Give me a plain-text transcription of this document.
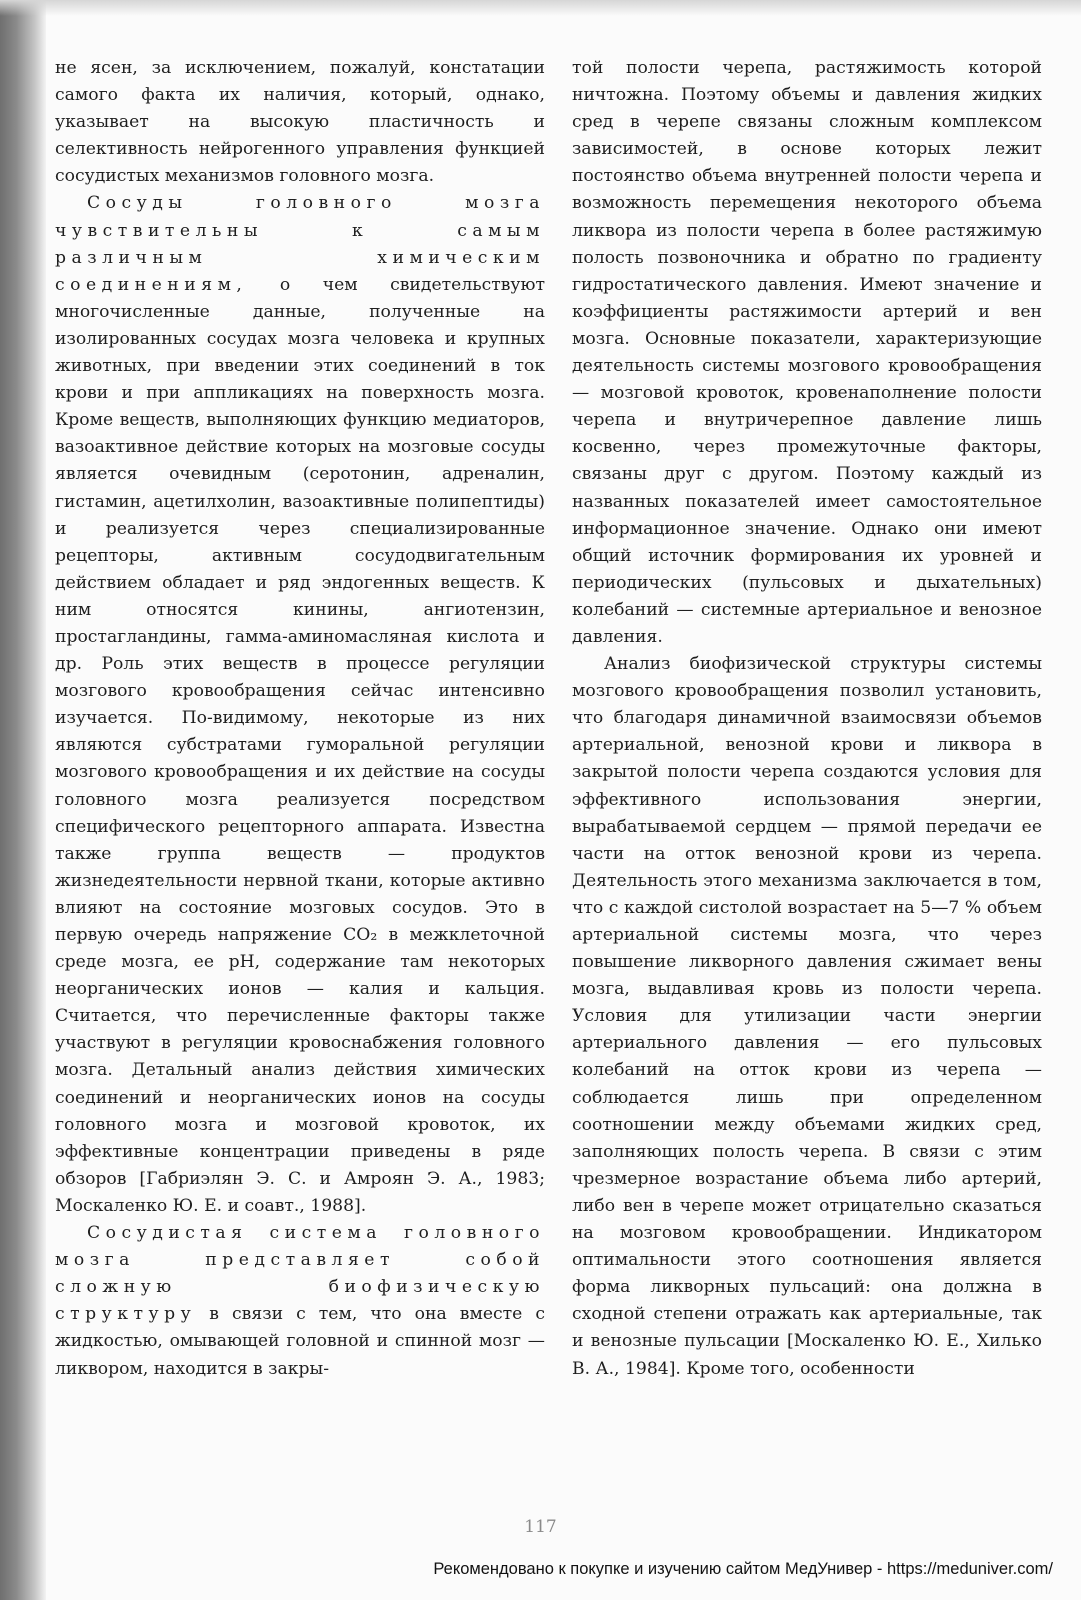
не ясен, за исключением, пожалуй, констатации самого факта их наличия, который, однако, указывает на высокую пластичность и селективность нейрогенного управления функцией сосудистых механизмов головного мозга.

Сосуды головного мозга чувствительны к самым различным химическим соединениям, о чем свидетельствуют многочисленные данные, полученные на изолированных сосудах мозга человека и крупных животных, при введении этих соединений в ток крови и при аппликациях на поверхность мозга. Кроме веществ, выполняющих функцию медиаторов, вазоактивное действие которых на мозговые сосуды является очевидным (серотонин, адреналин, гистамин, ацетилхолин, вазоактивные полипептиды) и реализуется через специализированные рецепторы, активным сосудодвигательным действием обладает и ряд эндогенных веществ. К ним относятся кинины, ангиотензин, простагландины, гамма-аминомасляная кислота и др. Роль этих веществ в процессе регуляции мозгового кровообращения сейчас интенсивно изучается. По-видимому, некоторые из них являются субстратами гуморальной регуляции мозгового кровообращения и их действие на сосуды головного мозга реализуется посредством специфического рецепторного аппарата. Известна также группа веществ — продуктов жизнедеятельности нервной ткани, которые активно влияют на состояние мозговых сосудов. Это в первую очередь напряжение CO₂ в межклеточной среде мозга, ее pH, содержание там некоторых неорганических ионов — калия и кальция. Считается, что перечисленные факторы также участвуют в регуляции кровоснабжения головного мозга. Детальный анализ действия химических соединений и неорганических ионов на сосуды головного мозга и мозговой кровоток, их эффективные концентрации приведены в ряде обзоров [Габриэлян Э. С. и Амроян Э. А., 1983; Москаленко Ю. Е. и соавт., 1988].

Сосудистая система головного мозга представляет собой сложную биофизическую структуру в связи с тем, что она вместе с жидкостью, омывающей головной и спинной мозг — ликвором, находится в закры-

той полости черепа, растяжимость которой ничтожна. Поэтому объемы и давления жидких сред в черепе связаны сложным комплексом зависимостей, в основе которых лежит постоянство объема внутренней полости черепа и возможность перемещения некоторого объема ликвора из полости черепа в более растяжимую полость позвоночника и обратно по градиенту гидростатического давления. Имеют значение и коэффициенты растяжимости артерий и вен мозга. Основные показатели, характеризующие деятельность системы мозгового кровообращения — мозговой кровоток, кровенаполнение полости черепа и внутричерепное давление лишь косвенно, через промежуточные факторы, связаны друг с другом. Поэтому каждый из названных показателей имеет самостоятельное информационное значение. Однако они имеют общий источник формирования их уровней и периодических (пульсовых и дыхательных) колебаний — системные артериальное и венозное давления.

Анализ биофизической структуры системы мозгового кровообращения позволил установить, что благодаря динамичной взаимосвязи объемов артериальной, венозной крови и ликвора в закрытой полости черепа создаются условия для эффективного использования энергии, вырабатываемой сердцем — прямой передачи ее части на отток венозной крови из черепа. Деятельность этого механизма заключается в том, что с каждой систолой возрастает на 5—7 % объем артериальной системы мозга, что через повышение ликворного давления сжимает вены мозга, выдавливая кровь из полости черепа. Условия для утилизации части энергии артериального давления — его пульсовых колебаний на отток крови из черепа — соблюдается лишь при определенном соотношении между объемами жидких сред, заполняющих полость черепа. В связи с этим чрезмерное возрастание объема либо артерий, либо вен в черепе может отрицательно сказаться на мозговом кровообращении. Индикатором оптимальности этого соотношения является форма ликворных пульсаций: она должна в сходной степени отражать как артериальные, так и венозные пульсации [Москаленко Ю. Е., Хилько В. А., 1984]. Кроме того, особенности

117
Рекомендовано к покупке и изучению сайтом МедУнивер - https://meduniver.com/
